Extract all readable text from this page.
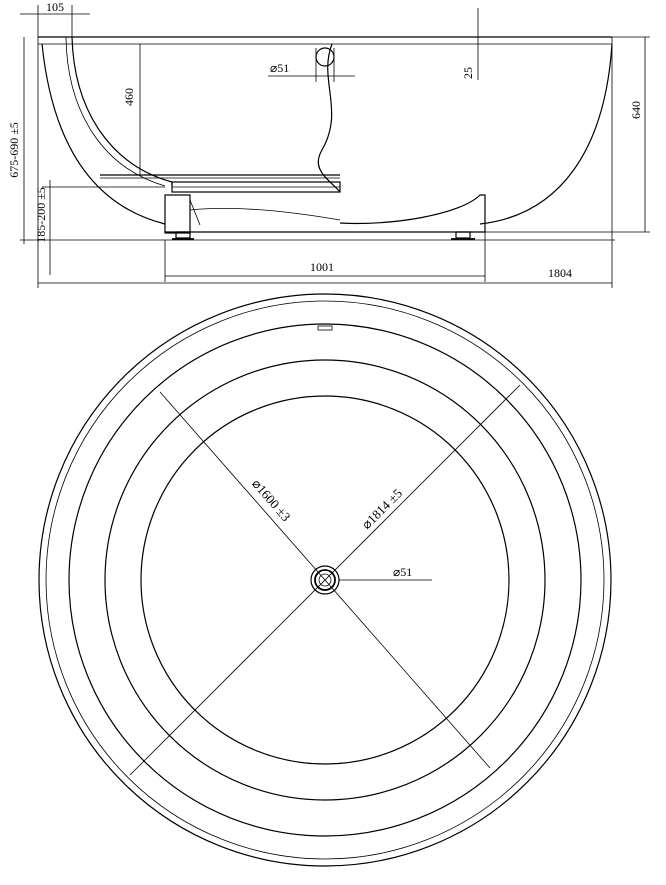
105
460
⌀51	25
640
675-690 ±5
185-200 ±5
1001	1804
⌀1600 ±3	⌀1814 ±5
⌀51
